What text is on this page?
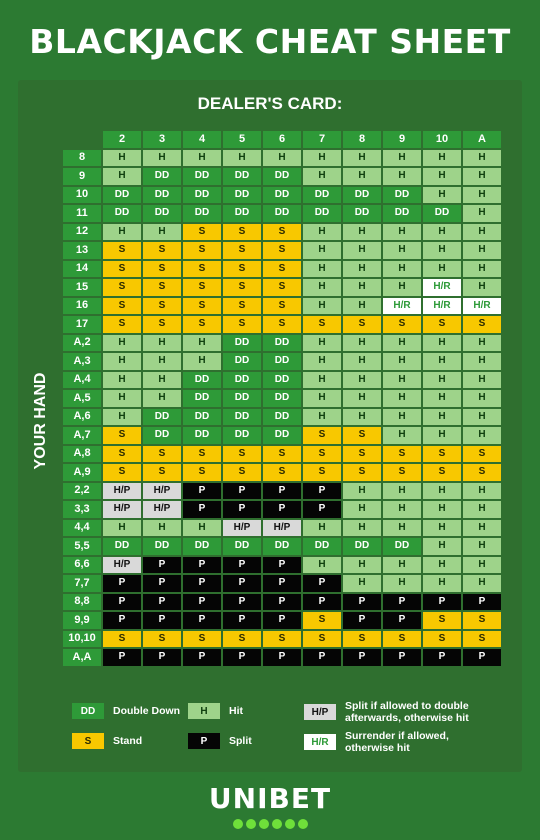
BLACKJACK CHEAT SHEET
DEALER'S CARD:
YOUR HAND
2	3	4	5	6	7	8	9	10	A
8	H	H	H	H	H	H	H	H	H	H
9	H	DD	DD	DD	DD	H	H	H	H	H
10	DD	DD	DD	DD	DD	DD	DD	DD	H	H
11	DD	DD	DD	DD	DD	DD	DD	DD	DD	H
12	H	H	S	S	S	H	H	H	H	H
13	S	S	S	S	S	H	H	H	H	H
14	S	S	S	S	S	H	H	H	H	H
15	S	S	S	S	S	H	H	H	H/R	H
16	S	S	S	S	S	H	H	H/R	H/R	H/R
17	S	S	S	S	S	S	S	S	S	S
A,2	H	H	H	DD	DD	H	H	H	H	H
A,3	H	H	H	DD	DD	H	H	H	H	H
A,4	H	H	DD	DD	DD	H	H	H	H	H
A,5	H	H	DD	DD	DD	H	H	H	H	H
A,6	H	DD	DD	DD	DD	H	H	H	H	H
A,7	S	DD	DD	DD	DD	S	S	H	H	H
A,8	S	S	S	S	S	S	S	S	S	S
A,9	S	S	S	S	S	S	S	S	S	S
2,2	H/P	H/P	P	P	P	P	H	H	H	H
3,3	H/P	H/P	P	P	P	P	H	H	H	H
4,4	H	H	H	H/P	H/P	H	H	H	H	H
5,5	DD	DD	DD	DD	DD	DD	DD	DD	H	H
6,6	H/P	P	P	P	P	H	H	H	H	H
7,7	P	P	P	P	P	P	H	H	H	H
8,8	P	P	P	P	P	P	P	P	P	P
9,9	P	P	P	P	P	S	P	P	S	S
10,10	S	S	S	S	S	S	S	S	S	S
A,A	P	P	P	P	P	P	P	P	P	P
DD	Double Down	H	Hit	H/P
Split if allowed to double
afterwards, otherwise hit
S	Stand	P	Split	H/R
Surrender if allowed,
otherwise hit
UNIBET
